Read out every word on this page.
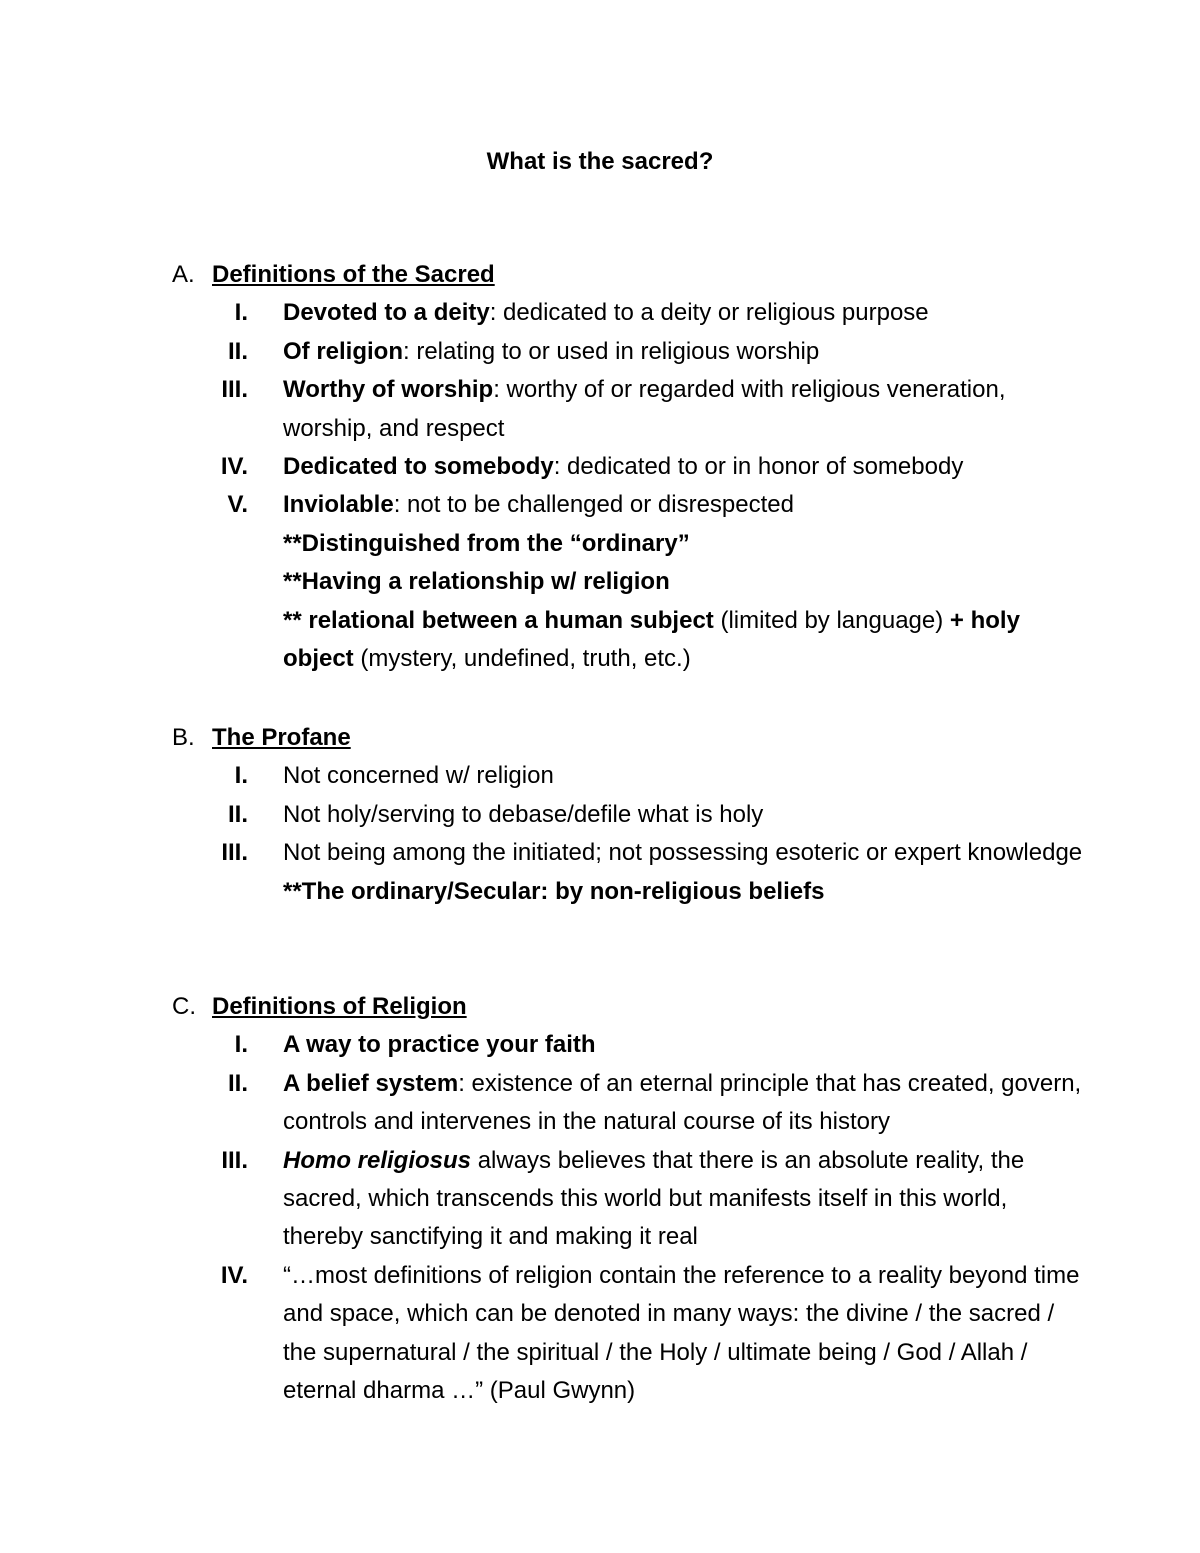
What is the sacred?
A. Definitions of the Sacred
I. Devoted to a deity: dedicated to a deity or religious purpose
II. Of religion: relating to or used in religious worship
III. Worthy of worship: worthy of or regarded with religious veneration, worship, and respect
IV. Dedicated to somebody: dedicated to or in honor of somebody
V. Inviolable: not to be challenged or disrespected
**Distinguished from the “ordinary”
**Having a relationship w/ religion
** relational between a human subject (limited by language) + holy object (mystery, undefined, truth, etc.)
B. The Profane
I. Not concerned w/ religion
II. Not holy/serving to debase/defile what is holy
III. Not being among the initiated; not possessing esoteric or expert knowledge
**The ordinary/Secular: by non-religious beliefs
C. Definitions of Religion
I. A way to practice your faith
II. A belief system: existence of an eternal principle that has created, govern, controls and intervenes in the natural course of its history
III. Homo religiosus always believes that there is an absolute reality, the sacred, which transcends this world but manifests itself in this world, thereby sanctifying it and making it real
IV. “…most definitions of religion contain the reference to a reality beyond time and space, which can be denoted in many ways: the divine / the sacred / the supernatural / the spiritual / the Holy / ultimate being / God / Allah / eternal dharma …” (Paul Gwynn)
